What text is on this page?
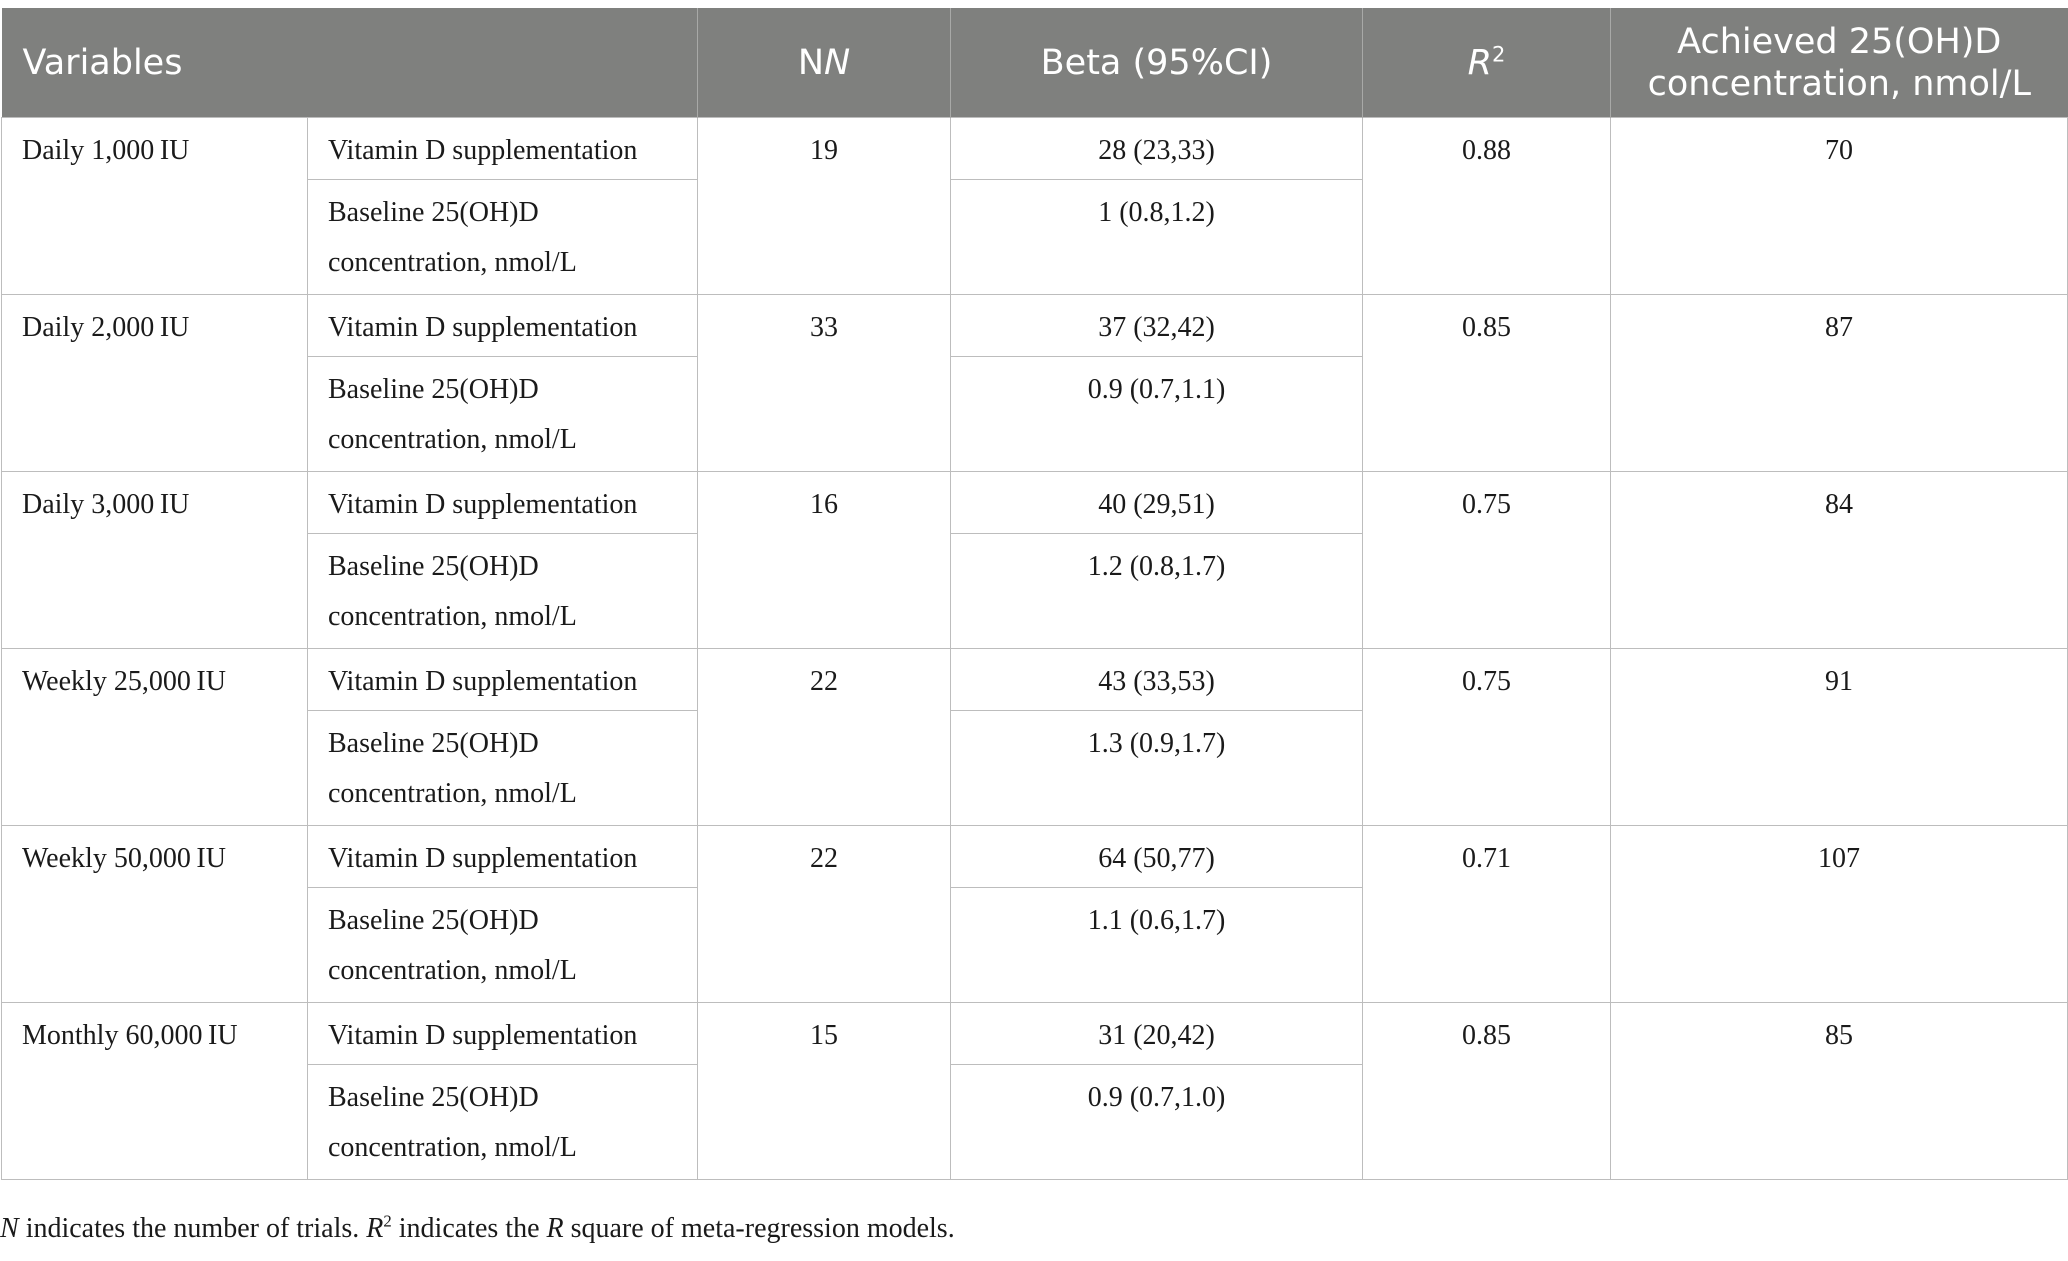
Variables		NN	Beta (95%CI)	$R^2$	Achieved 25(OH)D
concentration, nmol/L

Daily 1,000 IU	Vitamin D supplementation	19	28 (23,33)	0.88	70
	Baseline 25(OH)D concentration, nmol/L		1 (0.8,1.2)		
Daily 2,000 IU	Vitamin D supplementation	33	37 (32,42)	0.85	87
	Baseline 25(OH)D concentration, nmol/L		0.9 (0.7,1.1)		
Daily 3,000 IU	Vitamin D supplementation	16	40 (29,51)	0.75	84
	Baseline 25(OH)D concentration, nmol/L		1.2 (0.8,1.7)		
Weekly 25,000 IU	Vitamin D supplementation	22	43 (33,53)	0.75	91
	Baseline 25(OH)D concentration, nmol/L		1.3 (0.9,1.7)		
Weekly 50,000 IU	Vitamin D supplementation	22	64 (50,77)	0.71	107
	Baseline 25(OH)D concentration, nmol/L		1.1 (0.6,1.7)		
Monthly 60,000 IU	Vitamin D supplementation	15	31 (20,42)	0.85	85
	Baseline 25(OH)D concentration, nmol/L		0.9 (0.7,1.0)		
N indicates the number of trials. $R^2$ indicates the R square of meta-regression models.
